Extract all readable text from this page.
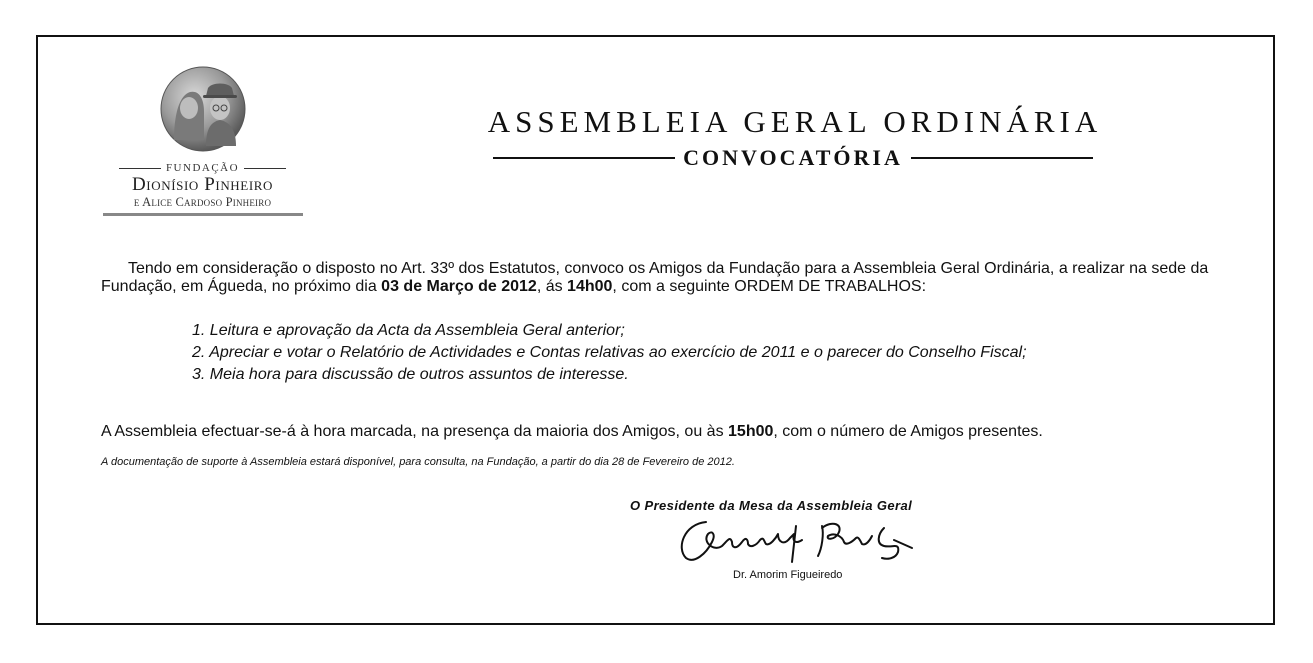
FUNDAÇÃO
Dionísio Pinheiro
e Alice Cardoso Pinheiro
ASSEMBLEIA GERAL ORDINÁRIA
CONVOCATÓRIA
Tendo em consideração o disposto no Art. 33º dos Estatutos, convoco os Amigos da Fundação para a Assembleia Geral Ordinária, a realizar na sede da Fundação, em Águeda, no próximo dia 03 de Março de 2012, ás 14h00, com a seguinte ORDEM DE TRABALHOS:
1. Leitura e aprovação da Acta da Assembleia Geral anterior;
2. Apreciar e votar o Relatório de Actividades e Contas relativas ao exercício de 2011 e o parecer do Conselho Fiscal;
3. Meia hora para discussão de outros assuntos de interesse.
A Assembleia efectuar-se-á à hora marcada, na presença da maioria dos Amigos, ou às 15h00, com o número de Amigos presentes.
A documentação de suporte à Assembleia estará disponível, para consulta, na Fundação, a partir do dia 28 de Fevereiro de 2012.
O Presidente da Mesa da Assembleia Geral
Dr. Amorim Figueiredo
